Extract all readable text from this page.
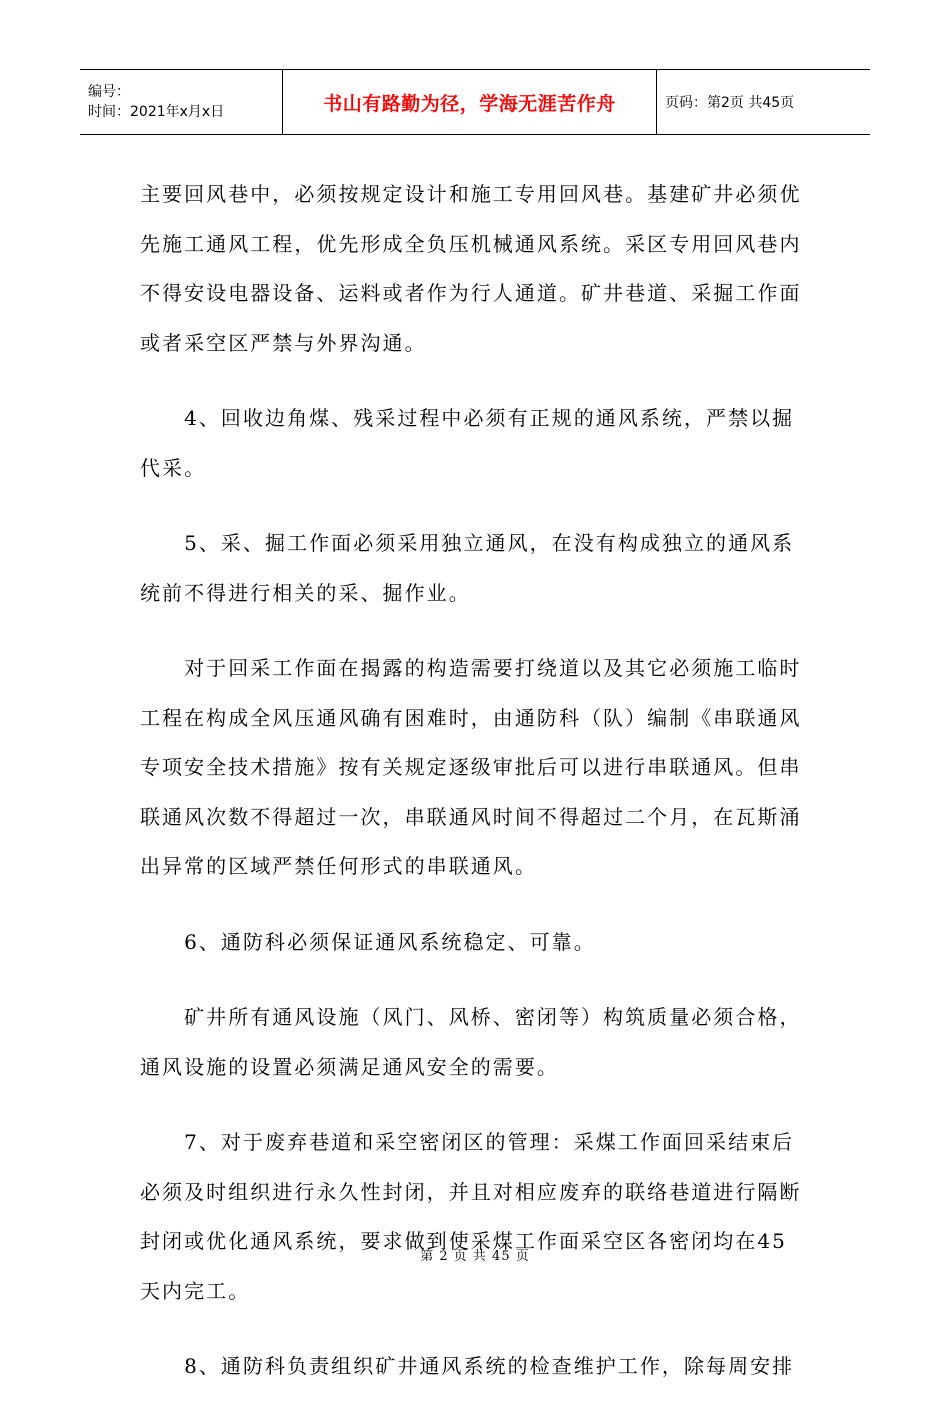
编号：
时间：2021年x月x日	书山有路勤为径，学海无涯苦作舟	页码：第2页 共45页

主要回风巷中，必须按规定设计和施工专用回风巷。基建矿井必须优
先施工通风工程，优先形成全负压机械通风系统。采区专用回风巷内
不得安设电器设备、运料或者作为行人通道。矿井巷道、采掘工作面
或者采空区严禁与外界沟通。

　　4、回收边角煤、残采过程中必须有正规的通风系统，严禁以掘
代采。

　　5、采、掘工作面必须采用独立通风，在没有构成独立的通风系
统前不得进行相关的采、掘作业。

　　对于回采工作面在揭露的构造需要打绕道以及其它必须施工临时
工程在构成全风压通风确有困难时，由通防科（队）编制《串联通风
专项安全技术措施》按有关规定逐级审批后可以进行串联通风。但串
联通风次数不得超过一次，串联通风时间不得超过二个月，在瓦斯涌
出异常的区域严禁任何形式的串联通风。

　　6、通防科必须保证通风系统稳定、可靠。

　　矿井所有通风设施（风门、风桥、密闭等）构筑质量必须合格，
通风设施的设置必须满足通风安全的需要。

　　7、对于废弃巷道和采空密闭区的管理：采煤工作面回采结束后
必须及时组织进行永久性封闭，并且对相应废弃的联络巷道进行隔断
封闭或优化通风系统，要求做到使采煤工作面采空区各密闭均在45
天内完工。

　　8、通防科负责组织矿井通风系统的检查维护工作，除每周安排

第 2 页 共 45 页
